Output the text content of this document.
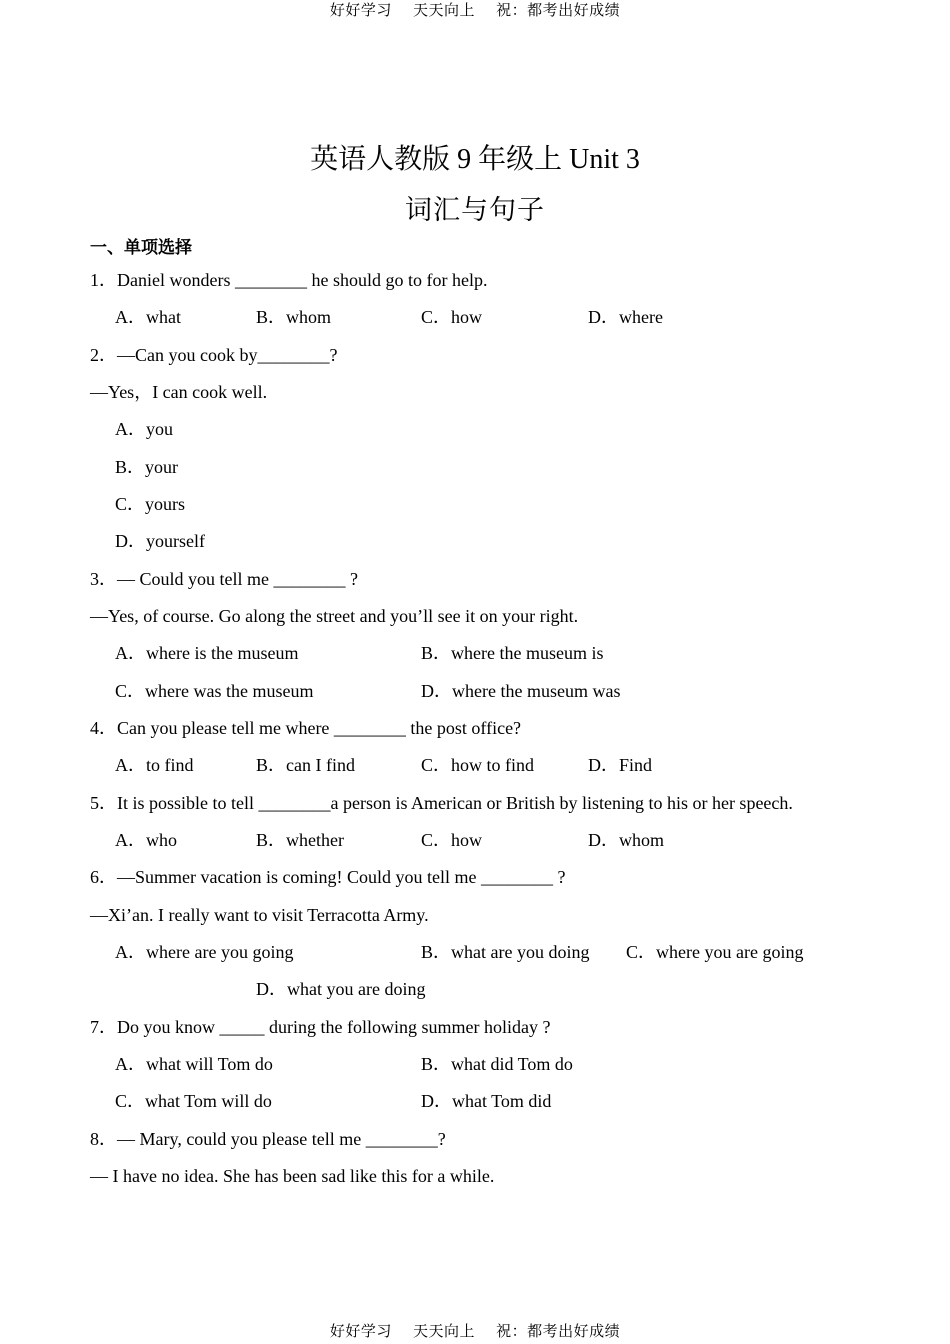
好好学习    天天向上    祝：都考出好成绩
英语人教版 9 年级上 Unit 3
词汇与句子
一、单项选择
1．Daniel wonders ________ he should go to for help.
A．what	B．whom	C．how	D．where
2．—Can you cook by________?
—Yes，I can cook well.
A．you
B．your
C．yours
D．yourself
3．— Could you tell me ________ ?
—Yes, of course. Go along the street and you’ll see it on your right.
A．where is the museum	B．where the museum is
C．where was the museum	D．where the museum was
4．Can you please tell me where ________ the post office?
A．to find	B．can I find	C．how to find	D．Find
5．It is possible to tell ________a person is American or British by listening to his or her speech.
A．who	B．whether	C．how	D．whom
6．—Summer vacation is coming! Could you tell me ________ ?
—Xi’an. I really want to visit Terracotta Army.
A．where are you going	B．what are you doing C．where you are going
D．what you are doing
7．Do you know _____ during the following summer holiday ?
A．what will Tom do	B．what did Tom do
C．what Tom will do	D．what Tom did
8．— Mary, could you please tell me ________?
— I have no idea. She has been sad like this for a while.
好好学习    天天向上    祝：都考出好成绩
